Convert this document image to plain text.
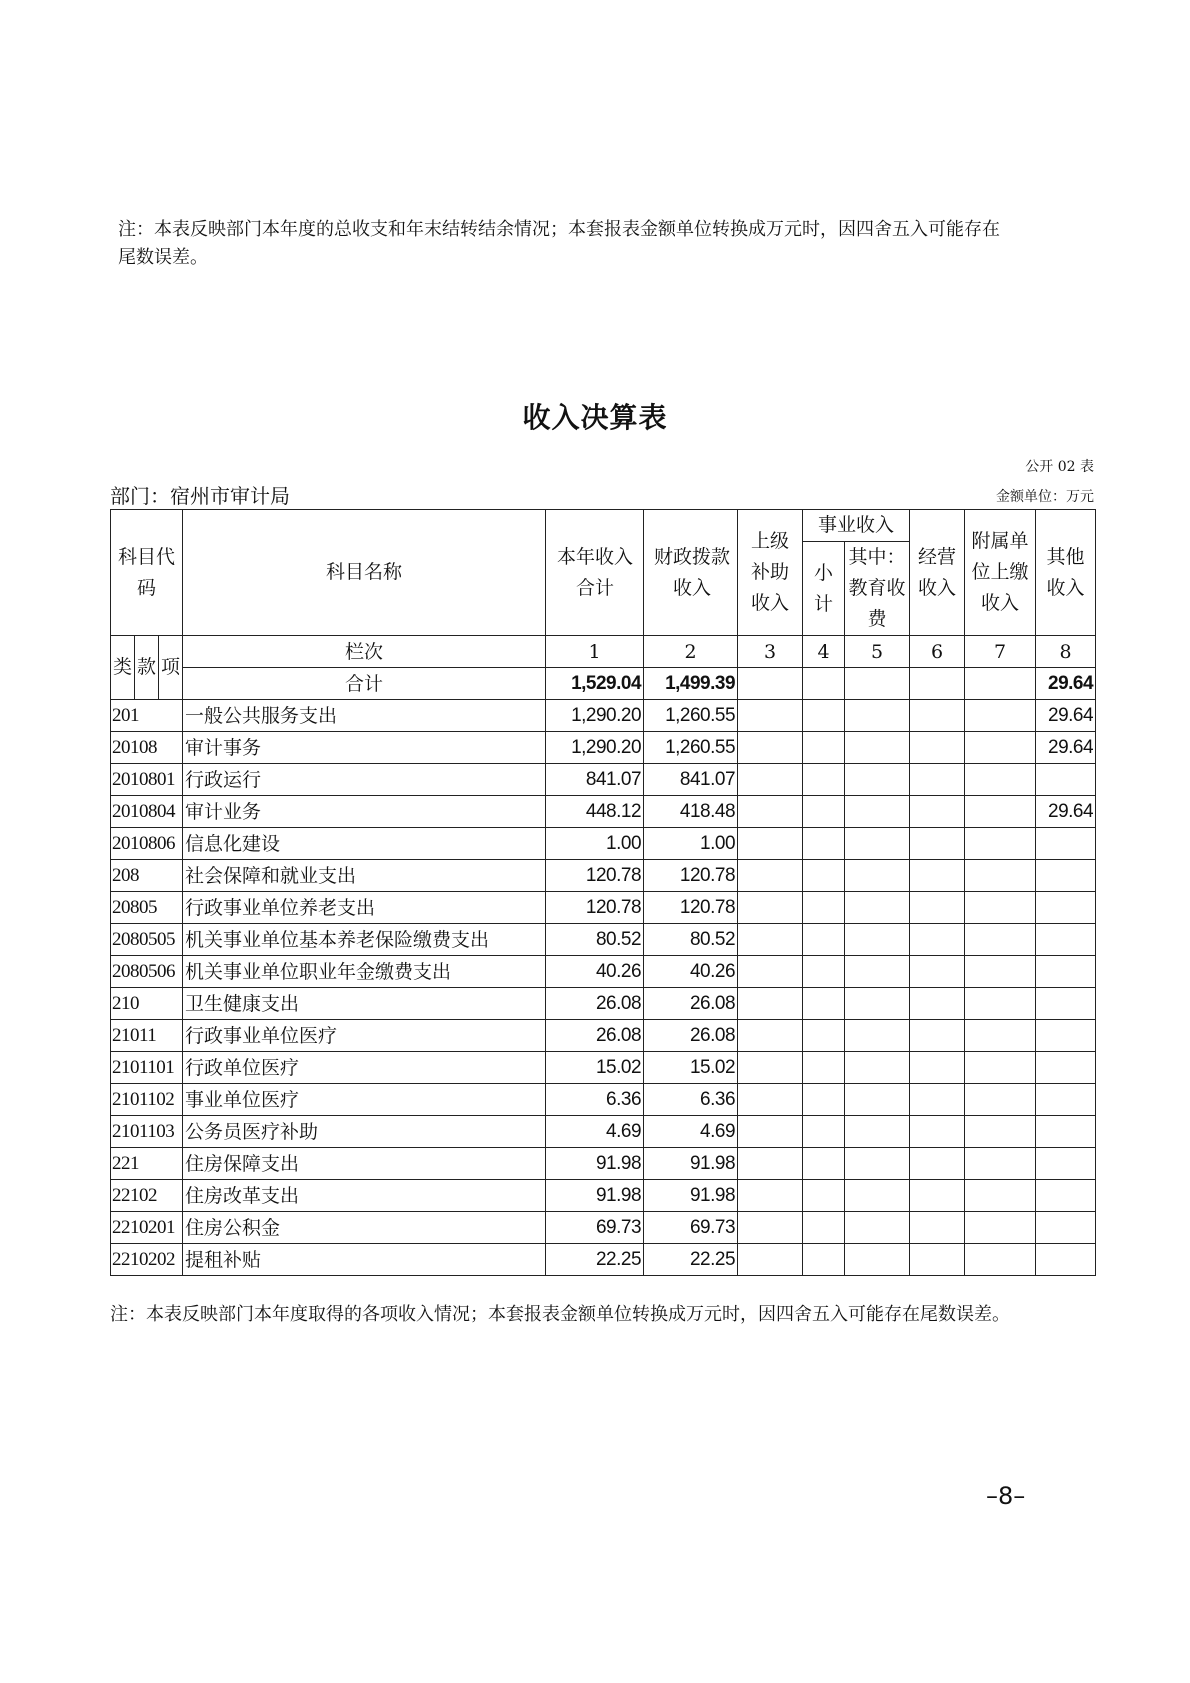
注：本表反映部门本年度的总收支和年末结转结余情况；本套报表金额单位转换成万元时，因四舍五入可能存在
尾数误差。

收入决算表
公开 02 表
部门：宿州市审计局	金额单位：万元
科目代码			科目名称	本年收入合计	财政拨款收入	上级补助收入	事业收入		经营收入	附属单位上缴收入	其他收入
							小计	其中：教育收费			

类	款	项	栏次	1	2	3	4	5	6	7	8
			合计	1,529.04	1,499.39						29.64
201			一般公共服务支出	1,290.20	1,260.55						29.64
20108			审计事务	1,290.20	1,260.55						29.64
2010801			行政运行	841.07	841.07						
2010804			审计业务	448.12	418.48						29.64
2010806			信息化建设	1.00	1.00						
208			社会保障和就业支出	120.78	120.78						
20805			行政事业单位养老支出	120.78	120.78						
2080505			机关事业单位基本养老保险缴费支出	80.52	80.52						
2080506			机关事业单位职业年金缴费支出	40.26	40.26						
210			卫生健康支出	26.08	26.08						
21011			行政事业单位医疗	26.08	26.08						
2101101			行政单位医疗	15.02	15.02						
2101102			事业单位医疗	6.36	6.36						
2101103			公务员医疗补助	4.69	4.69						
221			住房保障支出	91.98	91.98						
22102			住房改革支出	91.98	91.98						
2210201			住房公积金	69.73	69.73						
2210202			提租补贴	22.25	22.25						

注：本表反映部门本年度取得的各项收入情况；本套报表金额单位转换成万元时，因四舍五入可能存在尾数误差。

–8–
